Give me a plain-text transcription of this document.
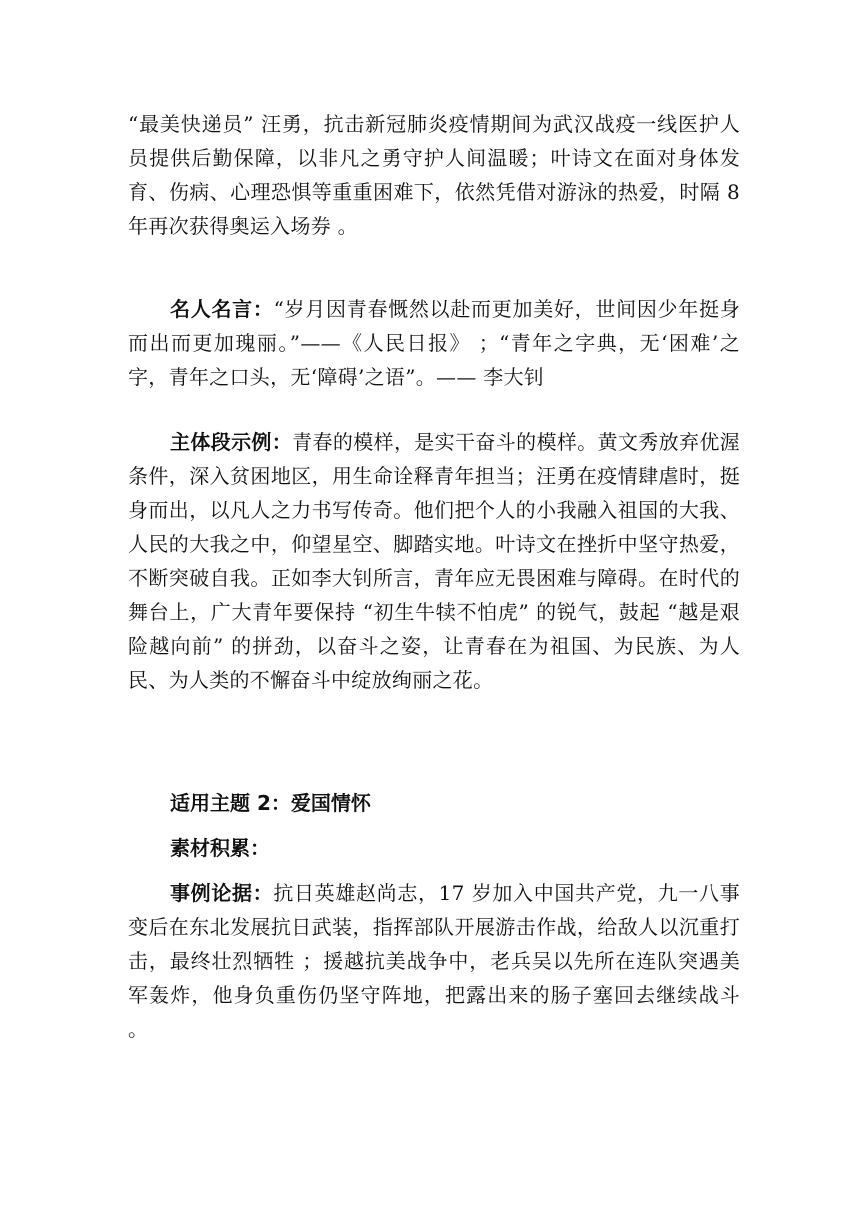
“最美快递员” 汪勇，抗击新冠肺炎疫情期间为武汉战疫一线医护人员提供后勤保障，以非凡之勇守护人间温暖；叶诗文在面对身体发育、伤病、心理恐惧等重重困难下，依然凭借对游泳的热爱，时隔 8 年再次获得奥运入场券 。

名人名言：“岁月因青春慨然以赴而更加美好，世间因少年挺身而出而更加瑰丽。”——《人民日报》 ；“青年之字典，无‘困难’之字，青年之口头，无‘障碍’之语”。—— 李大钊

主体段示例：青春的模样，是实干奋斗的模样。黄文秀放弃优渥条件，深入贫困地区，用生命诠释青年担当；汪勇在疫情肆虐时，挺身而出，以凡人之力书写传奇。他们把个人的小我融入祖国的大我、人民的大我之中，仰望星空、脚踏实地。叶诗文在挫折中坚守热爱，不断突破自我。正如李大钊所言，青年应无畏困难与障碍。在时代的舞台上，广大青年要保持 “初生牛犊不怕虎” 的锐气，鼓起 “越是艰险越向前” 的拼劲，以奋斗之姿，让青春在为祖国、为民族、为人民、为人类的不懈奋斗中绽放绚丽之花。

适用主题 2：爱国情怀

素材积累：

事例论据：抗日英雄赵尚志，17 岁加入中国共产党，九一八事变后在东北发展抗日武装，指挥部队开展游击作战，给敌人以沉重打击，最终壮烈牺牲 ；援越抗美战争中，老兵吴以先所在连队突遇美军轰炸，他身负重伤仍坚守阵地，把露出来的肠子塞回去继续战斗 。
